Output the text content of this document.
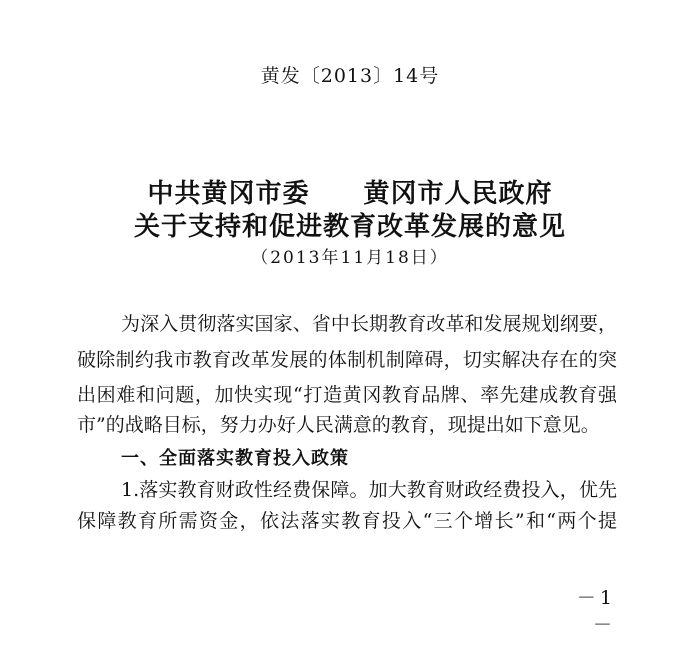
黄发〔2013〕14号
中共黄冈市委　　黄冈市人民政府
关于支持和促进教育改革发展的意见
（2013年11月18日）
为深入贯彻落实国家、省中长期教育改革和发展规划纲要，
破除制约我市教育改革发展的体制机制障碍，切实解决存在的突
出困难和问题，加快实现“打造黄冈教育品牌、率先建成教育强
市”的战略目标，努力办好人民满意的教育，现提出如下意见。
一、全面落实教育投入政策
1.落实教育财政性经费保障。加大教育财政经费投入，优先
保障教育所需资金，依法落实教育投入“三个增长”和“两个提
－1－
